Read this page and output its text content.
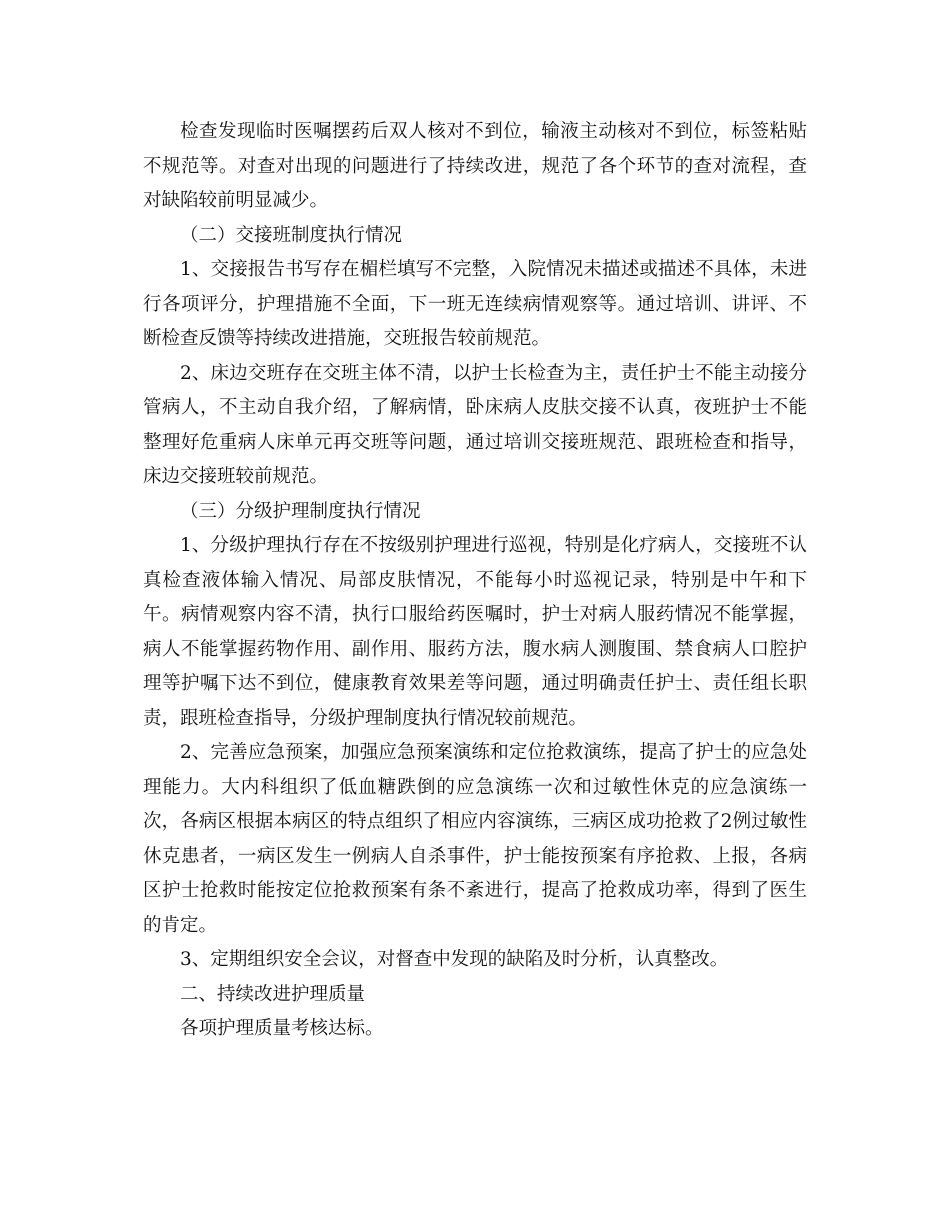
检查发现临时医嘱摆药后双人核对不到位，输液主动核对不到位，标签粘贴不规范等。对查对出现的问题进行了持续改进，规范了各个环节的查对流程，查对缺陷较前明显减少。

（二）交接班制度执行情况

1、交接报告书写存在楣栏填写不完整，入院情况未描述或描述不具体，未进行各项评分，护理措施不全面，下一班无连续病情观察等。通过培训、讲评、不断检查反馈等持续改进措施，交班报告较前规范。

2、床边交班存在交班主体不清，以护士长检查为主，责任护士不能主动接分管病人，不主动自我介绍，了解病情，卧床病人皮肤交接不认真，夜班护士不能整理好危重病人床单元再交班等问题，通过培训交接班规范、跟班检查和指导，床边交接班较前规范。

（三）分级护理制度执行情况

1、分级护理执行存在不按级别护理进行巡视，特别是化疗病人，交接班不认真检查液体输入情况、局部皮肤情况，不能每小时巡视记录，特别是中午和下午。病情观察内容不清，执行口服给药医嘱时，护士对病人服药情况不能掌握，病人不能掌握药物作用、副作用、服药方法，腹水病人测腹围、禁食病人口腔护理等护嘱下达不到位，健康教育效果差等问题，通过明确责任护士、责任组长职责，跟班检查指导，分级护理制度执行情况较前规范。

2、完善应急预案，加强应急预案演练和定位抢救演练，提高了护士的应急处理能力。大内科组织了低血糖跌倒的应急演练一次和过敏性休克的应急演练一次，各病区根据本病区的特点组织了相应内容演练，三病区成功抢救了2例过敏性休克患者，一病区发生一例病人自杀事件，护士能按预案有序抢救、上报，各病区护士抢救时能按定位抢救预案有条不紊进行，提高了抢救成功率，得到了医生的肯定。

3、定期组织安全会议，对督查中发现的缺陷及时分析，认真整改。

二、持续改进护理质量

各项护理质量考核达标。
